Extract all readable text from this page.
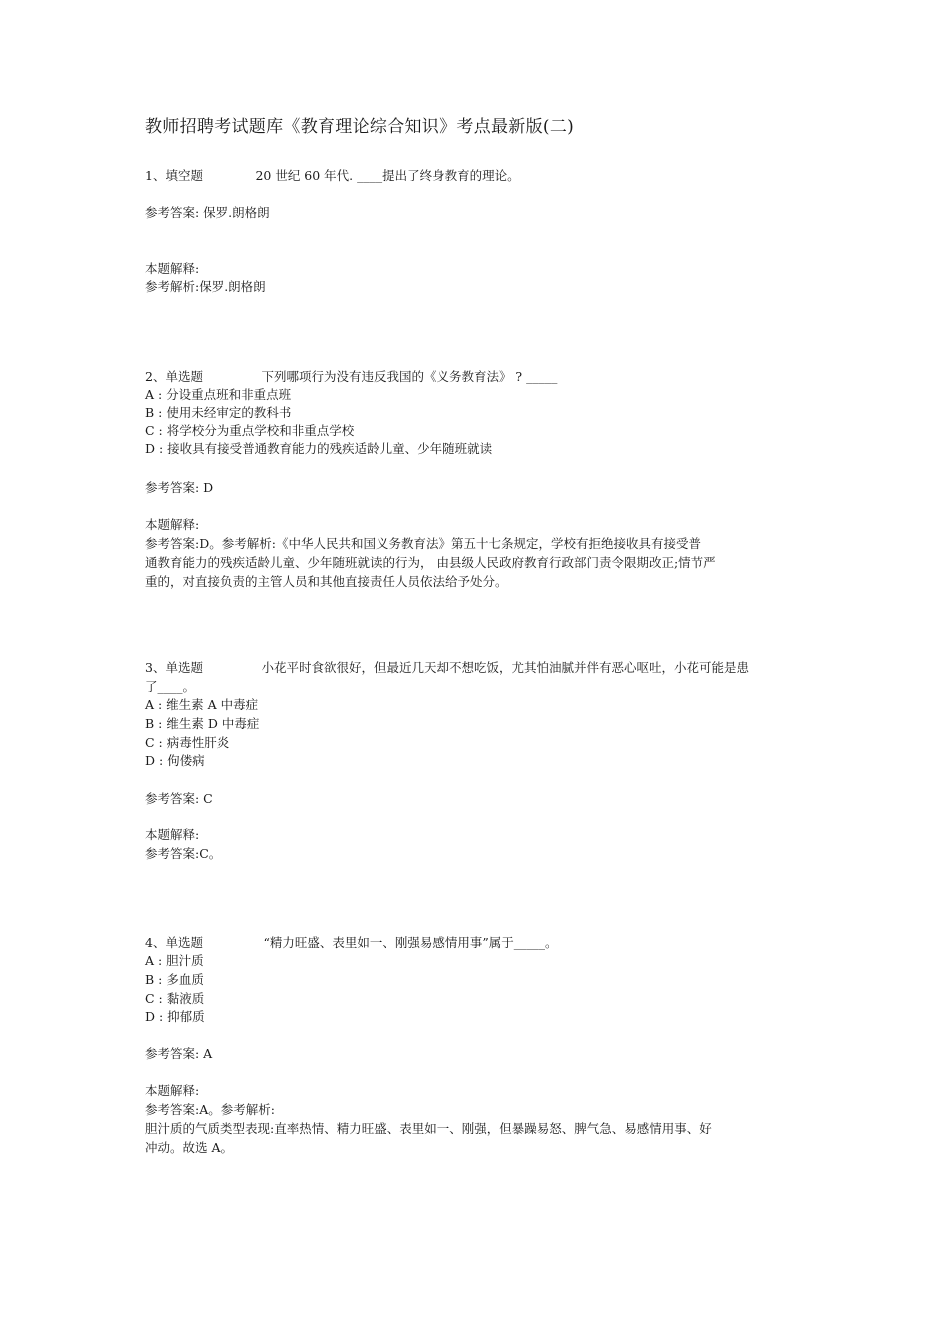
教师招聘考试题库《教育理论综合知识》考点最新版(二)
1、填空题	20 世纪 60 年代. ____提出了终身教育的理论。
参考答案: 保罗.朗格朗
本题解释:
参考解析:保罗.朗格朗
2、单选题	下列哪项行为没有违反我国的《义务教育法》 ? _____
A : 分设重点班和非重点班
B : 使用未经审定的教科书
C : 将学校分为重点学校和非重点学校
D : 接收具有接受普通教育能力的残疾适龄儿童、少年随班就读
参考答案: D
本题解释:
参考答案:D。参考解析:《中华人民共和国义务教育法》第五十七条规定，学校有拒绝接收具有接受普
通教育能力的残疾适龄儿童、少年随班就读的行为， 由县级人民政府教育行政部门责令限期改正;情节严
重的，对直接负责的主管人员和其他直接责任人员依法给予处分。
3、单选题	小花平时食欲很好，但最近几天却不想吃饭，尤其怕油腻并伴有恶心呕吐，小花可能是患
了____。
A : 维生素 A 中毒症
B : 维生素 D 中毒症
C : 病毒性肝炎
D : 佝偻病
参考答案: C
本题解释:
参考答案:C。
4、单选题	“精力旺盛、表里如一、刚强易感情用事”属于_____。
A : 胆汁质
B : 多血质
C : 黏液质
D : 抑郁质
参考答案: A
本题解释:
参考答案:A。参考解析:
胆汁质的气质类型表现:直率热情、精力旺盛、表里如一、刚强，但暴躁易怒、脾气急、易感情用事、好
冲动。故选 A。
